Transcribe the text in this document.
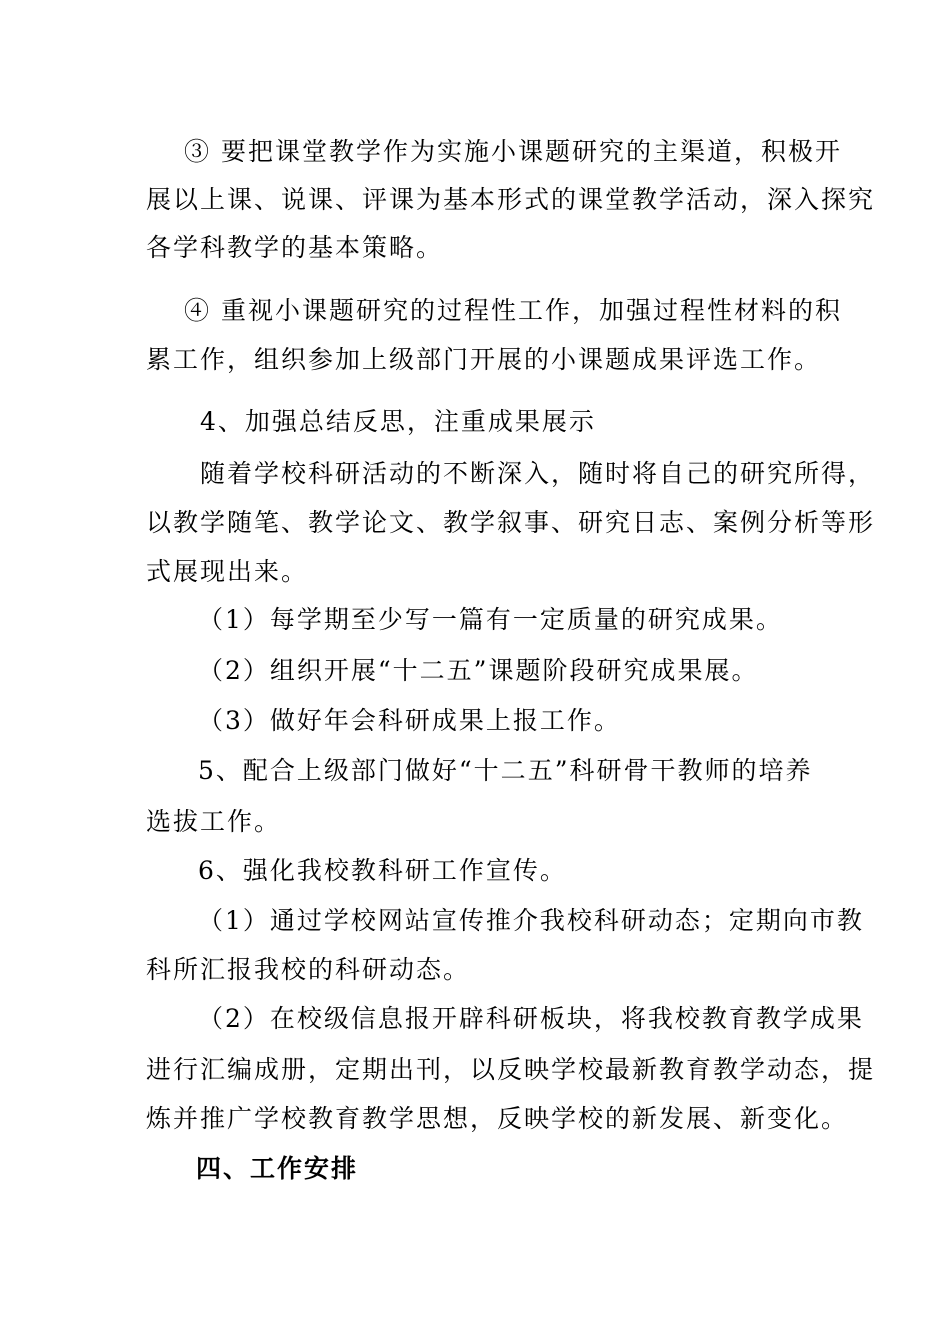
③ 要把课堂教学作为实施小课题研究的主渠道，积极开
展以上课、说课、评课为基本形式的课堂教学活动，深入探究
各学科教学的基本策略。
④ 重视小课题研究的过程性工作，加强过程性材料的积
累工作，组织参加上级部门开展的小课题成果评选工作。
4、加强总结反思，注重成果展示
随着学校科研活动的不断深入，随时将自己的研究所得，
以教学随笔、教学论文、教学叙事、研究日志、案例分析等形
式展现出来。
（1）每学期至少写一篇有一定质量的研究成果。
（2）组织开展“十二五”课题阶段研究成果展。
（3）做好年会科研成果上报工作。
5、配合上级部门做好“十二五”科研骨干教师的培养
选拔工作。
6、强化我校教科研工作宣传。
（1）通过学校网站宣传推介我校科研动态；定期向市教
科所汇报我校的科研动态。
（2）在校级信息报开辟科研板块，将我校教育教学成果
进行汇编成册，定期出刊，以反映学校最新教育教学动态，提
炼并推广学校教育教学思想，反映学校的新发展、新变化。
四、工作安排
